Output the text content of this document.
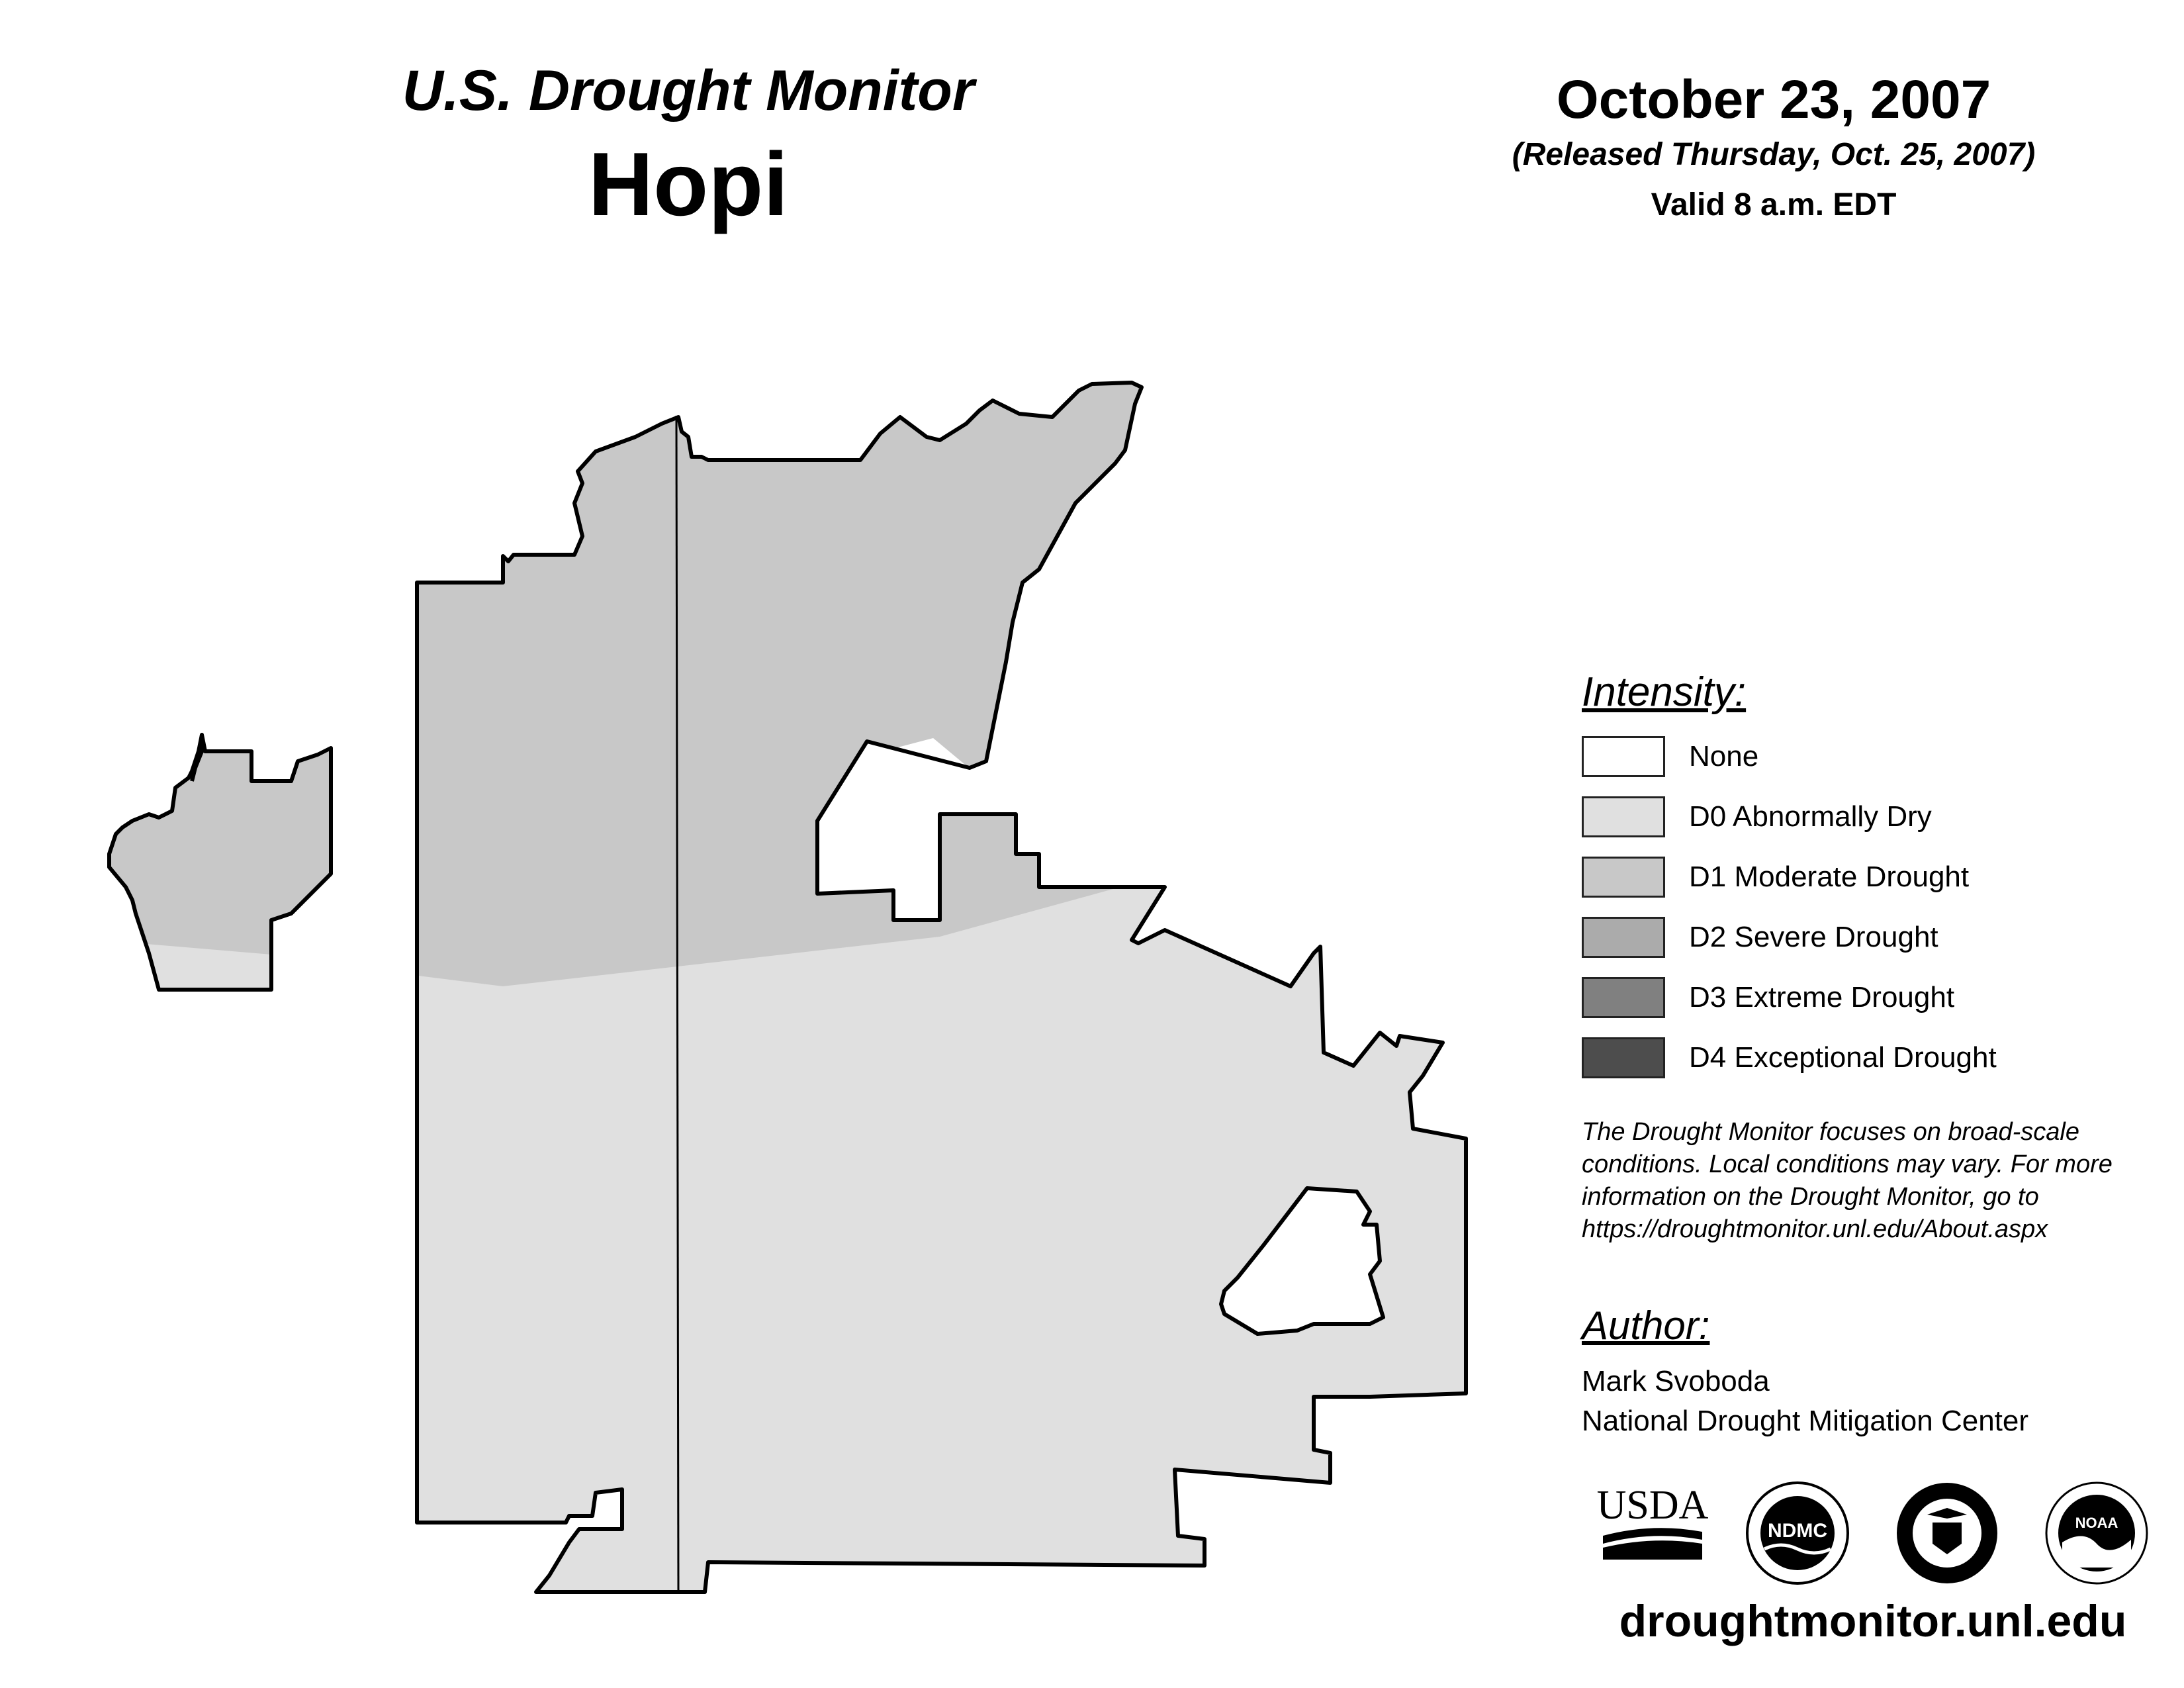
U.S. Drought Monitor
Hopi
October 23, 2007
(Released Thursday, Oct. 25, 2007)
Valid 8 a.m. EDT
Intensity:
None
D0 Abnormally Dry
D1 Moderate Drought
D2 Severe Drought
D3 Extreme Drought
D4 Exceptional Drought
The Drought Monitor focuses on broad-scale conditions. Local conditions may vary. For more information on the Drought Monitor, go to https://droughtmonitor.unl.edu/About.aspx
Author:
Mark Svoboda
National Drought Mitigation Center
USDA
NDMC	NOAA
droughtmonitor.unl.edu
